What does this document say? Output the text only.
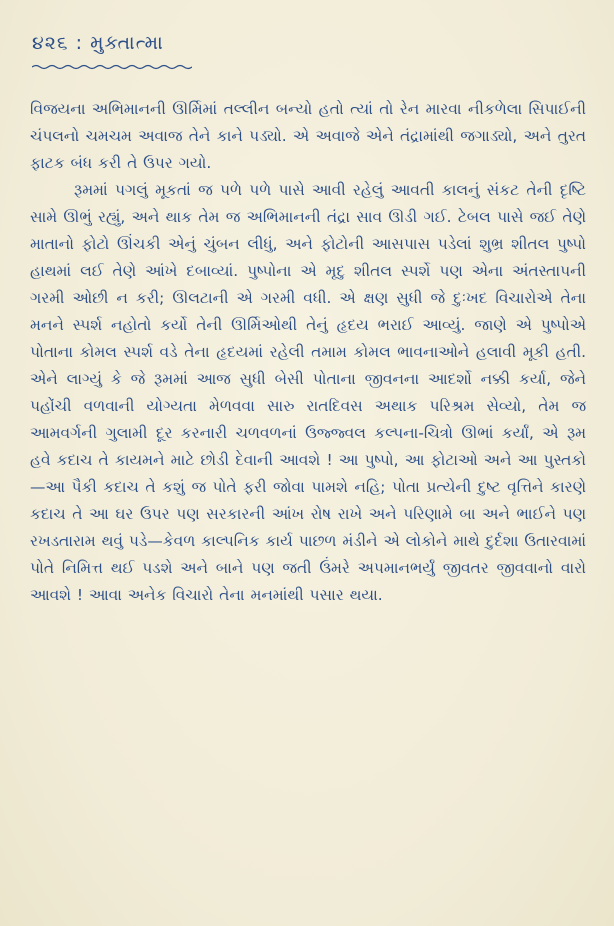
૪૨૬ : મુક્તાત્મા

વિજયના અભિમાનની ઊર્મિમાં તલ્લીન બન્યો હતો ત્યાં તો રેન મારવા નીકળેલા સિપાઈની ચંપલનો ચમચમ અવાજ તેને કાને પડ્યો. એ અવાજે એને તંદ્રામાંથી જગાડ્યો, અને તુરત ફાટક બંધ કરી તે ઉપર ગયો.

રૂમમાં પગલું મૂકતાં જ પળે પળે પાસે આવી રહેલું આવતી કાલનું સંકટ તેની દૃષ્ટિ સામે ઊભું રહ્યું, અને થાક તેમ જ અભિમાનની તંદ્રા સાવ ઊડી ગઈ. ટેબલ પાસે જઈ તેણે માતાનો ફોટો ઊંચકી એનું ચુંબન લીધું, અને ફોટોની આસપાસ પડેલાં શુભ્ર શીતલ પુષ્પો હાથમાં લઈ તેણે આંખે દબાવ્યાં. પુષ્પોના એ મૃદુ શીતલ સ્પર્શે પણ એના અંતસ્તાપની ગરમી ઓછી ન કરી; ઊલટાની એ ગરમી વધી. એ ક્ષણ સુધી જે દુઃખદ વિચારોએ તેના મનને સ્પર્શ નહોતો કર્યો તેની ઊર્મિઓથી તેનું હૃદય ભરાઈ આવ્યું. જાણે એ પુષ્પોએ પોતાના કોમલ સ્પર્શ વડે તેના હૃદયમાં રહેલી તમામ કોમલ ભાવનાઓને હલાવી મૂકી હતી. એને લાગ્યું કે જે રૂમમાં આજ સુધી બેસી પોતાના જીવનના આદર્શો નક્કી કર્યા, જેને પહોંચી વળવાની યોગ્યતા મેળવવા સારુ રાતદિવસ અથાક પરિશ્રમ સેવ્યો, તેમ જ આમવર્ગની ગુલામી દૂર કરનારી ચળવળનાં ઉજ્જ્વલ કલ્પના-ચિત્રો ઊભાં કર્યાં, એ રૂમ હવે કદાચ તે કાયમને માટે છોડી દેવાની આવશે ! આ પુષ્પો, આ ફોટાઓ અને આ પુસ્તકો—આ પૈકી કદાચ તે કશું જ પોતે ફરી જોવા પામશે નહિ; પોતા પ્રત્યેની દુષ્ટ વૃત્તિને કારણે કદાચ તે આ ઘર ઉપર પણ સરકારની આંખ રોષ રાખે અને પરિણામે બા અને ભાઈને પણ રખડતારામ થવું પડે—કેવળ કાલ્પનિક કાર્ય પાછળ મંડીને એ લોકોને માથે દુર્દશા ઉતારવામાં પોતે નિમિત્ત થઈ પડશે અને બાને પણ જતી ઉંમરે અપમાનભર્યું જીવતર જીવવાનો વારો આવશે ! આવા અનેક વિચારો તેના મનમાંથી પસાર થયા.
